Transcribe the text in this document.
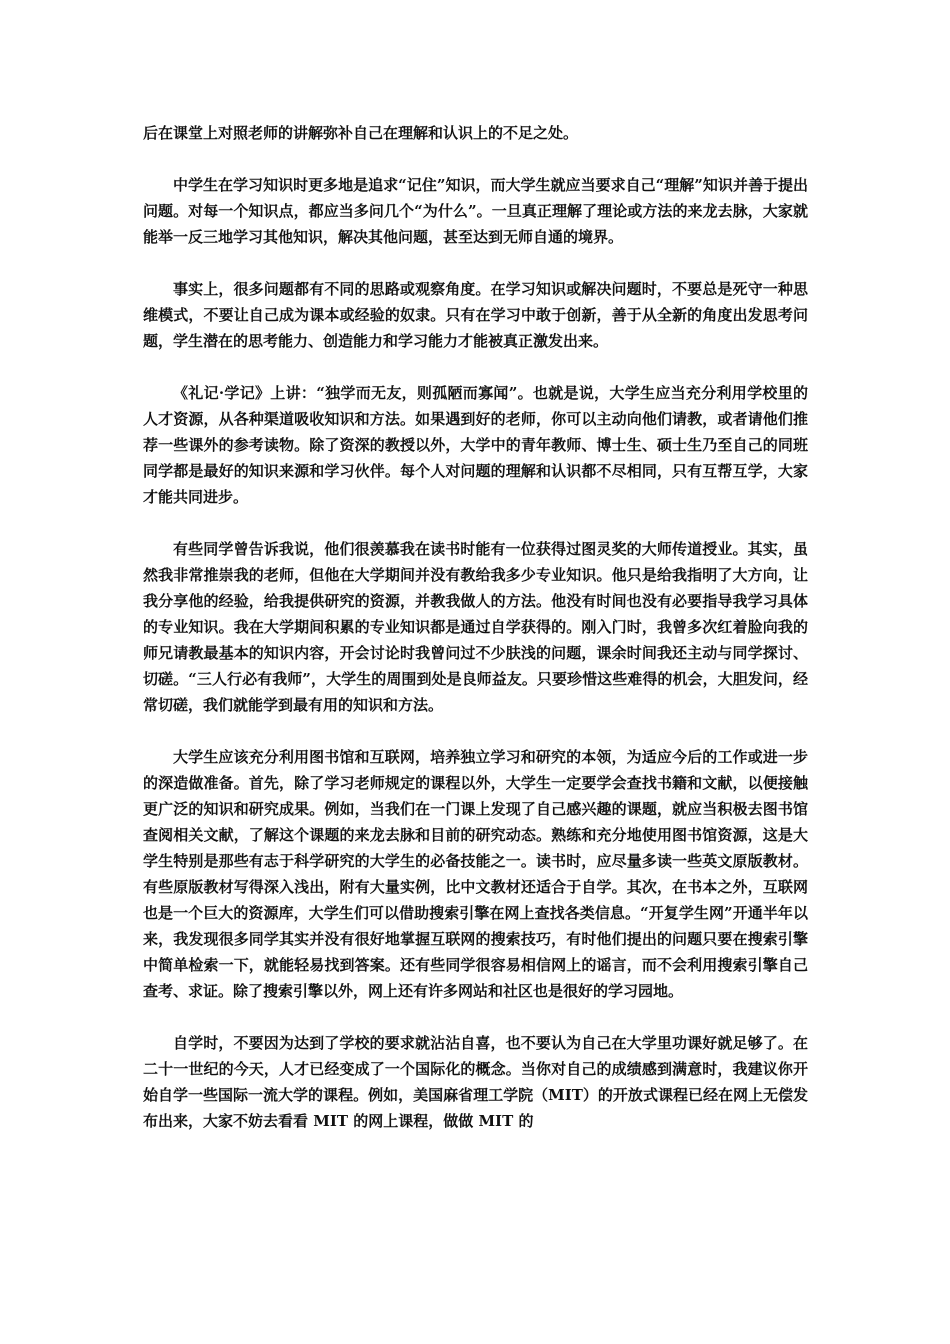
后在课堂上对照老师的讲解弥补自己在理解和认识上的不足之处。

中学生在学习知识时更多地是追求“记住”知识，而大学生就应当要求自己“理解”知识并善于提出问题。对每一个知识点，都应当多问几个“为什么”。一旦真正理解了理论或方法的来龙去脉，大家就能举一反三地学习其他知识，解决其他问题，甚至达到无师自通的境界。

事实上，很多问题都有不同的思路或观察角度。在学习知识或解决问题时，不要总是死守一种思维模式，不要让自己成为课本或经验的奴隶。只有在学习中敢于创新，善于从全新的角度出发思考问题，学生潜在的思考能力、创造能力和学习能力才能被真正激发出来。

《礼记·学记》上讲：“独学而无友，则孤陋而寡闻”。也就是说，大学生应当充分利用学校里的人才资源，从各种渠道吸收知识和方法。如果遇到好的老师，你可以主动向他们请教，或者请他们推荐一些课外的参考读物。除了资深的教授以外，大学中的青年教师、博士生、硕士生乃至自己的同班同学都是最好的知识来源和学习伙伴。每个人对问题的理解和认识都不尽相同，只有互帮互学，大家才能共同进步。

有些同学曾告诉我说，他们很羡慕我在读书时能有一位获得过图灵奖的大师传道授业。其实，虽然我非常推崇我的老师，但他在大学期间并没有教给我多少专业知识。他只是给我指明了大方向，让我分享他的经验，给我提供研究的资源，并教我做人的方法。他没有时间也没有必要指导我学习具体的专业知识。我在大学期间积累的专业知识都是通过自学获得的。刚入门时，我曾多次红着脸向我的师兄请教最基本的知识内容，开会讨论时我曾问过不少肤浅的问题，课余时间我还主动与同学探讨、切磋。“三人行必有我师”，大学生的周围到处是良师益友。只要珍惜这些难得的机会，大胆发问，经常切磋，我们就能学到最有用的知识和方法。

大学生应该充分利用图书馆和互联网，培养独立学习和研究的本领，为适应今后的工作或进一步的深造做准备。首先，除了学习老师规定的课程以外，大学生一定要学会查找书籍和文献，以便接触更广泛的知识和研究成果。例如，当我们在一门课上发现了自己感兴趣的课题，就应当积极去图书馆查阅相关文献，了解这个课题的来龙去脉和目前的研究动态。熟练和充分地使用图书馆资源，这是大学生特别是那些有志于科学研究的大学生的必备技能之一。读书时，应尽量多读一些英文原版教材。有些原版教材写得深入浅出，附有大量实例，比中文教材还适合于自学。其次，在书本之外，互联网也是一个巨大的资源库，大学生们可以借助搜索引擎在网上查找各类信息。“开复学生网”开通半年以来，我发现很多同学其实并没有很好地掌握互联网的搜索技巧，有时他们提出的问题只要在搜索引擎中简单检索一下，就能轻易找到答案。还有些同学很容易相信网上的谣言，而不会利用搜索引擎自己查考、求证。除了搜索引擎以外，网上还有许多网站和社区也是很好的学习园地。

自学时，不要因为达到了学校的要求就沾沾自喜，也不要认为自己在大学里功课好就足够了。在二十一世纪的今天，人才已经变成了一个国际化的概念。当你对自己的成绩感到满意时，我建议你开始自学一些国际一流大学的课程。例如，美国麻省理工学院（MIT）的开放式课程已经在网上无偿发布出来，大家不妨去看看 MIT 的网上课程，做做 MIT 的
